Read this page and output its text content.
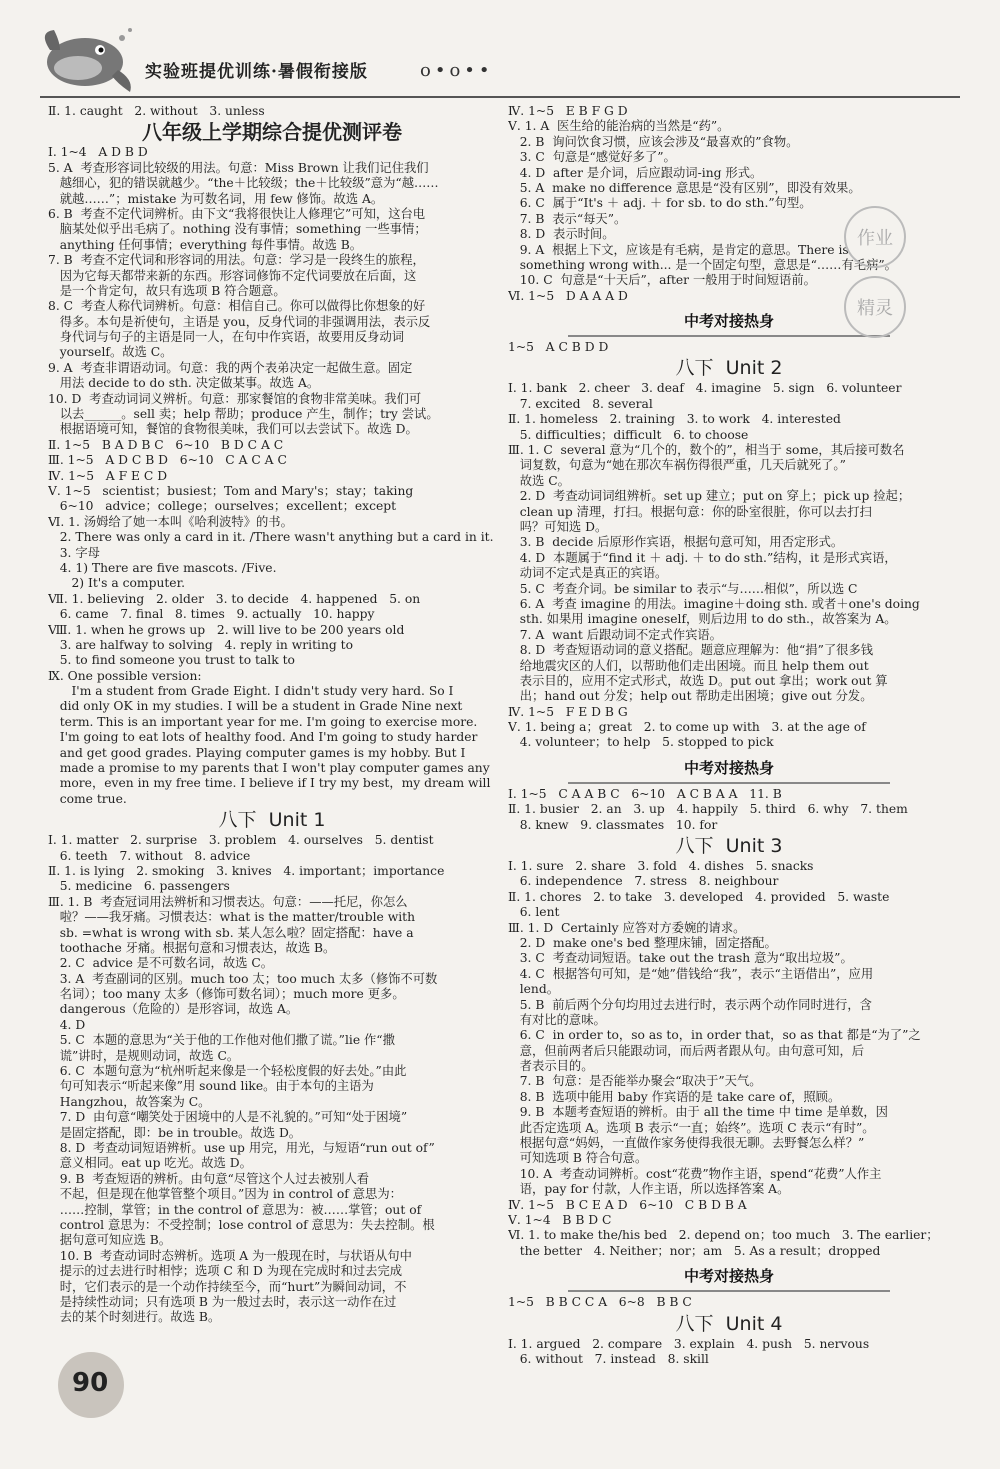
实验班提优训练·暑假衔接版	o•o••
Ⅱ. 1. caught   2. without   3. unless
八年级上学期综合提优测评卷
Ⅰ. 1~4   A D B D
5. A  考查形容词比较级的用法。句意：Miss Brown 让我们记住我们
越细心，犯的错误就越少。“the＋比较级；the＋比较级”意为“越……
就越……”；mistake 为可数名词，用 few 修饰。故选 A。
6. B  考查不定代词辨析。由下文“我将很快让人修理它”可知，这台电
脑某处似乎出毛病了。nothing 没有事情；something 一些事情；
anything 任何事情；everything 每件事情。故选 B。
7. B  考查不定代词和形容词的用法。句意：学习是一段终生的旅程，
因为它每天都带来新的东西。形容词修饰不定代词要放在后面，这
是一个肯定句，故只有选项 B 符合题意。
8. C  考查人称代词辨析。句意：相信自己。你可以做得比你想象的好
得多。本句是祈使句，主语是 you，反身代词的非强调用法，表示反
身代词与句子的主语是同一人，在句中作宾语，故要用反身动词
yourself。故选 C。
9. A  考查非谓语动词。句意：我的两个表弟决定一起做生意。固定
用法 decide to do sth. 决定做某事。故选 A。
10. D  考查动词词义辨析。句意：那家餐馆的食物非常美味。我们可
以去______。sell 卖；help 帮助；produce 产生，制作；try 尝试。
根据语境可知，餐馆的食物很美味，我们可以去尝试下。故选 D。
Ⅱ. 1~5   B A D B C   6~10   B D C A C
Ⅲ. 1~5   A D C B D   6~10   C A C A C
Ⅳ. 1~5   A F E C D
Ⅴ. 1~5   scientist；busiest；Tom and Mary's；stay；taking
6~10   advice；college；ourselves；excellent；except
Ⅵ. 1. 汤姆给了她一本叫《哈利波特》的书。
2. There was only a card in it. /There wasn't anything but a card in it.
3. 字母
4. 1) There are five mascots. /Five.
2) It's a computer.
Ⅶ. 1. believing   2. older   3. to decide   4. happened   5. on
6. came   7. final   8. times   9. actually   10. happy
Ⅷ. 1. when he grows up   2. will live to be 200 years old
3. are halfway to solving   4. reply in writing to
5. to find someone you trust to talk to
Ⅸ. One possible version:
I'm a student from Grade Eight. I didn't study very hard. So I
did only OK in my studies. I will be a student in Grade Nine next
term. This is an important year for me. I'm going to exercise more.
I'm going to eat lots of healthy food. And I'm going to study harder
and get good grades. Playing computer games is my hobby. But I
made a promise to my parents that I won't play computer games any
more，even in my free time. I believe if I try my best，my dream will
come true.
八下  Unit 1
Ⅰ. 1. matter   2. surprise   3. problem   4. ourselves   5. dentist
6. teeth   7. without   8. advice
Ⅱ. 1. is lying   2. smoking   3. knives   4. important；importance
5. medicine   6. passengers
Ⅲ. 1. B  考查冠词用法辨析和习惯表达。句意：——托尼，你怎么
啦？——我牙痛。习惯表达：what is the matter/trouble with
sb. =what is wrong with sb. 某人怎么啦？固定搭配：have a
toothache 牙痛。根据句意和习惯表达，故选 B。
2. C  advice 是不可数名词，故选 C。
3. A  考查副词的区别。much too 太；too much 太多（修饰不可数
名词）；too many 太多（修饰可数名词）；much more 更多。
dangerous（危险的）是形容词，故选 A。
4. D
5. C  本题的意思为“关于他的工作他对他们撒了谎。”lie 作“撒
谎”讲时，是规则动词，故选 C。
6. C  本题句意为“杭州听起来像是一个轻松度假的好去处。”由此
句可知表示“听起来像”用 sound like。由于本句的主语为
Hangzhou，故答案为 C。
7. D  由句意“嘲笑处于困境中的人是不礼貌的。”可知“处于困境”
是固定搭配，即：be in trouble。故选 D。
8. D  考查动词短语辨析。use up 用完，用光，与短语“run out of”
意义相同。eat up 吃光。故选 D。
9. B  考查短语的辨析。由句意“尽管这个人过去被别人看
不起，但是现在他掌管整个项目。”因为 in control of 意思为：
……控制，掌管；in the control of 意思为：被……掌管；out of
control 意思为：不受控制；lose control of 意思为：失去控制。根
据句意可知应选 B。
10. B  考查动词时态辨析。选项 A 为一般现在时，与状语从句中
提示的过去进行时相悖；选项 C 和 D 为现在完成时和过去完成
时，它们表示的是一个动作持续至今，而“hurt”为瞬间动词，不
是持续性动词；只有选项 B 为一般过去时，表示这一动作在过
去的某个时刻进行。故选 B。
Ⅳ. 1~5   E B F G D
Ⅴ. 1. A  医生给的能治病的当然是“药”。
2. B  询问饮食习惯，应该会涉及“最喜欢的”食物。
3. C  句意是“感觉好多了”。
4. D  after 是介词，后应跟动词-ing 形式。
5. A  make no difference 意思是“没有区别”，即没有效果。
6. C  属于“It's ＋ adj. ＋ for sb. to do sth.”句型。
7. B  表示“每天”。
8. D  表示时间。
9. A  根据上下文，应该是有毛病，是肯定的意思。There is
something wrong with... 是一个固定句型，意思是“……有毛病”。
10. C  句意是“十天后”，after 一般用于时间短语前。
Ⅵ. 1~5   D A A A D
中考对接热身
1~5   A C B D D
八下  Unit 2
Ⅰ. 1. bank   2. cheer   3. deaf   4. imagine   5. sign   6. volunteer
7. excited   8. several
Ⅱ. 1. homeless   2. training   3. to work   4. interested
5. difficulties；difficult   6. to choose
Ⅲ. 1. C  several 意为“几个的，数个的”，相当于 some，其后接可数名
词复数，句意为“她在那次车祸伤得很严重，几天后就死了。”
故选 C。
2. D  考查动词词组辨析。set up 建立；put on 穿上；pick up 捡起；
clean up 清理，打扫。根据句意：你的卧室很脏，你可以去打扫
吗？可知选 D。
3. B  decide 后原形作宾语，根据句意可知，用否定形式。
4. D  本题属于“find it ＋ adj. ＋ to do sth.”结构，it 是形式宾语，
动词不定式是真正的宾语。
5. C  考查介词。be similar to 表示“与……相似”，所以选 C
6. A  考查 imagine 的用法。imagine＋doing sth. 或者＋one's doing
sth. 如果用 imagine oneself，则后边用 to do sth.，故答案为 A。
7. A  want 后跟动词不定式作宾语。
8. D  考查短语动词的意义搭配。题意应理解为：他“捐”了很多钱
给地震灾区的人们，以帮助他们走出困境。而且 help them out
表示目的，应用不定式形式，故选 D。put out 拿出；work out 算
出；hand out 分发；help out 帮助走出困境；give out 分发。
Ⅳ. 1~5   F E D B G
Ⅴ. 1. being a；great   2. to come up with   3. at the age of
4. volunteer；to help   5. stopped to pick
中考对接热身
Ⅰ. 1~5   C A A B C   6~10   A C B A A   11. B
Ⅱ. 1. busier   2. an   3. up   4. happily   5. third   6. why   7. them
8. knew   9. classmates   10. for
八下  Unit 3
Ⅰ. 1. sure   2. share   3. fold   4. dishes   5. snacks
6. independence   7. stress   8. neighbour
Ⅱ. 1. chores   2. to take   3. developed   4. provided   5. waste
6. lent
Ⅲ. 1. D  Certainly 应答对方委婉的请求。
2. D  make one's bed 整理床铺，固定搭配。
3. C  考查动词短语。take out the trash 意为“取出垃圾”。
4. C  根据答句可知，是“她”借钱给“我”，表示“主语借出”，应用
lend。
5. B  前后两个分句均用过去进行时，表示两个动作同时进行，含
有对比的意味。
6. C  in order to，so as to，in order that，so as that 都是“为了”之
意，但前两者后只能跟动词，而后两者跟从句。由句意可知，后
者表示目的。
7. B  句意：是否能举办聚会“取决于”天气。
8. B  选项中能用 baby 作宾语的是 take care of，照顾。
9. B  本题考查短语的辨析。由于 all the time 中 time 是单数，因
此否定选项 A。选项 B 表示“一直；始终”。选项 C 表示“有时”。
根据句意“妈妈，一直做作家务使得我很无聊。去野餐怎么样？”
可知选项 B 符合句意。
10. A  考查动词辨析。cost“花费”物作主语，spend“花费”人作主
语，pay for 付款，人作主语，所以选择答案 A。
Ⅳ. 1~5   B C E A D   6~10   C B D B A
Ⅴ. 1~4   B B D C
Ⅵ. 1. to make the/his bed   2. depend on；too much   3. The earlier；
the better   4. Neither；nor；am   5. As a result；dropped
中考对接热身
1~5   B B C C A   6~8   B B C
八下  Unit 4
Ⅰ. 1. argued   2. compare   3. explain   4. push   5. nervous
6. without   7. instead   8. skill
作业
精灵
90
